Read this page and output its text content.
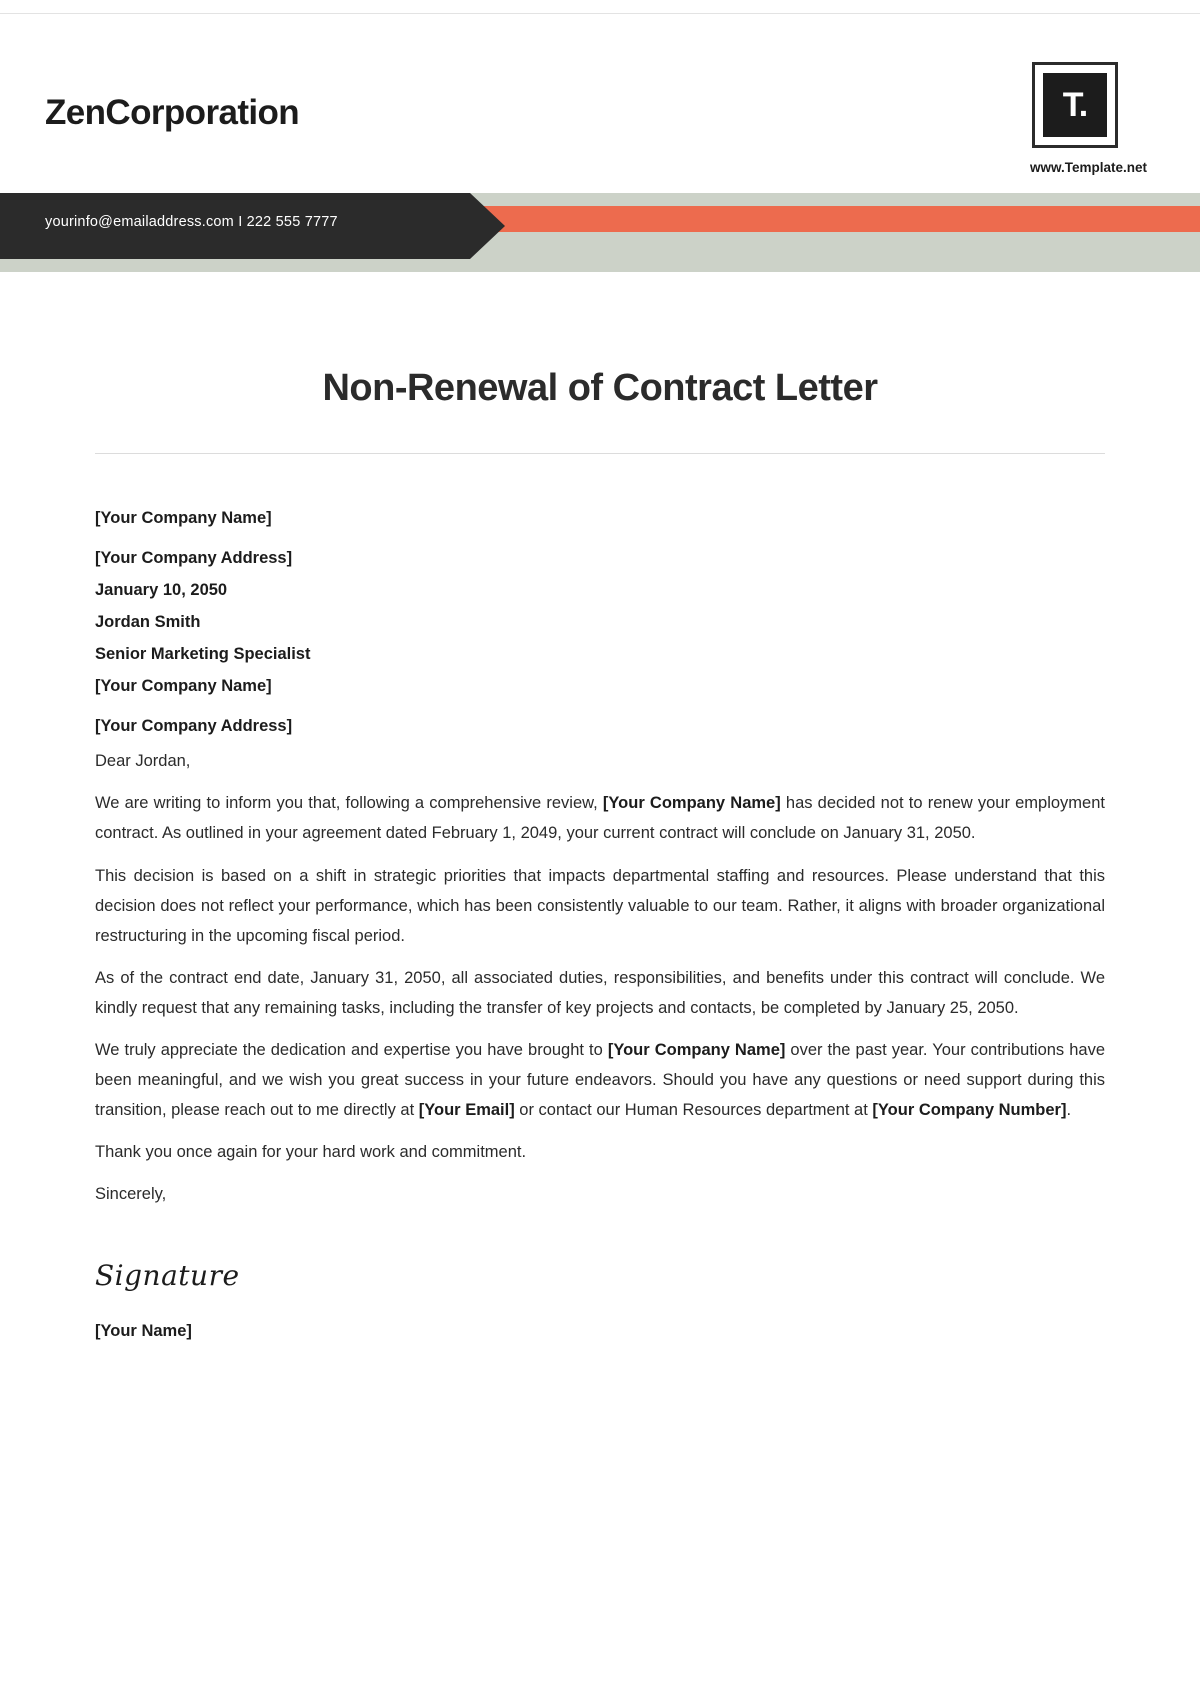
ZenCorporation	T.
www.Template.net
yourinfo@emailaddress.com I 222 555 7777
Non-Renewal of Contract Letter

[Your Company Name]

[Your Company Address]

January 10, 2050

Jordan Smith

Senior Marketing Specialist

[Your Company Name]

[Your Company Address]

Dear Jordan,

We are writing to inform you that, following a comprehensive review, [Your Company Name] has decided not to renew your employment contract. As outlined in your agreement dated February 1, 2049, your current contract will conclude on January 31, 2050.

This decision is based on a shift in strategic priorities that impacts departmental staffing and resources. Please understand that this decision does not reflect your performance, which has been consistently valuable to our team. Rather, it aligns with broader organizational restructuring in the upcoming fiscal period.

As of the contract end date, January 31, 2050, all associated duties, responsibilities, and benefits under this contract will conclude. We kindly request that any remaining tasks, including the transfer of key projects and contacts, be completed by January 25, 2050.

We truly appreciate the dedication and expertise you have brought to [Your Company Name] over the past year. Your contributions have been meaningful, and we wish you great success in your future endeavors. Should you have any questions or need support during this transition, please reach out to me directly at [Your Email] or contact our Human Resources department at [Your Company Number].

Thank you once again for your hard work and commitment.

Sincerely,

Signature
[Your Name]
